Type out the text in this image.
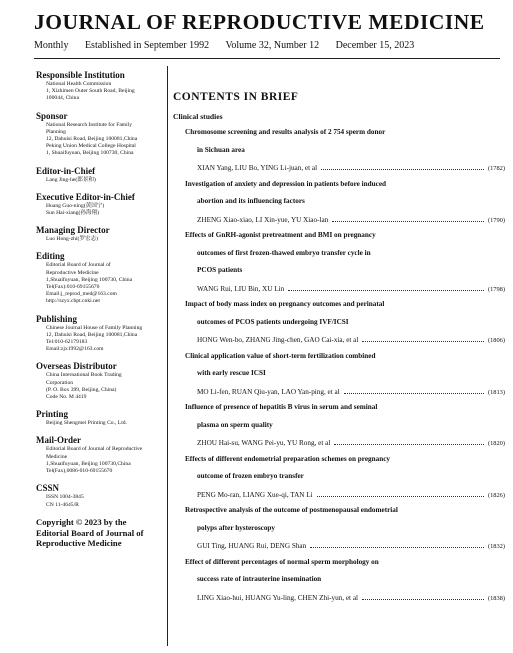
JOURNAL OF REPRODUCTIVE MEDICINE
Monthly Established in September 1992 Volume 32, Number 12 December 15, 2023
Responsible Institution
National Health Commission
1, Xizhimen Outer South Road, Beijing
100044, China
Sponsor
National Research Institute for Family
Planning
12, Dahuisi Road, Beijing 100081,China
Peking Union Medical College Hospital
1, Shuaifuyuan, Beijing 100730, China
Editor-in-Chief
Lang Jing-he(郎景和)
Executive Editor-in-Chief
Huang Guo-ning(黄国宁)
Sun Hai-xiang(孙海翔)
Managing Director
Luo Hong-zhi(罗宏志)
Editing
Editorial Board of Journal of
Reproductive Medicine
1,Shuaifuyuan, Beijing 100730, China
Tel(Fax):010-69155670
Email:j_reprod_med@163.com
http://szyx.cbpt.cnki.net
Publishing
Chinese Journal House of Family Planning
12, Dahuisi Road, Beijing 100081,China
Tel:010-62179183
Email:zjx1992@163.com
Overseas Distributor
China International Book Trading
Corporation
(P. O. Box 399, Beijing, China)
Code No. M 4419
Printing
Beijing Shengmei Printing Co., Ltd.
Mail-Order
Editorial Board of Journal of Reproductive
Medicine
1,Shuaifuyuan, Beijing 100730,China
Tel(Fax),0086-010-69155670
CSSN
ISSN 1004-3845
CN 11-4645/R
Copyright © 2023 by the
Editorial Board of Journal of
Reproductive Medicine
CONTENTS IN BRIEF
Clinical studies
Chromosome screening and results analysis of 2 754 sperm donor
in Sichuan area
XIAN Yang, LIU Bo, YING Li-juan, et al	(1782)
Investigation of anxiety and depression in patients before induced
abortion and its influencing factors
ZHENG Xiao-xiao, LI Xin-yue, YU Xiao-lan	(1790)
Effects of GnRH-agonist pretreatment and BMI on pregnancy
outcomes of first frozen-thawed embryo transfer cycle in
PCOS patients
WANG Rui, LIU Bin, XU Lin	(1798)
Impact of body mass index on pregnancy outcomes and perinatal
outcomes of PCOS patients undergoing IVF/ICSI
HONG Wen-bo, ZHANG Jing-chen, GAO Cai-xia, et al	(1806)
Clinical application value of short-term fertilization combined
with early rescue ICSI
MO Li-fen, RUAN Qiu-yan, LAO Yan-ping, et al	(1813)
Influence of presence of hepatitis B virus in serum and seminal
plasma on sperm quality
ZHOU Hai-su, WANG Pei-yu, YU Rong, et al	(1820)
Effects of different endometrial preparation schemes on pregnancy
outcome of frozen embryo transfer
PENG Mo-ran, LIANG Xue-qi, TAN Li	(1826)
Retrospective analysis of the outcome of postmenopausal endometrial
polyps after hysteroscopy
GUI Ting, HUANG Rui, DENG Shan	(1832)
Effect of different percentages of normal sperm morphology on
success rate of intrauterine insemination
LING Xiao-hui, HUANG Yu-ling, CHEN Zhi-yun, et al	(1838)
